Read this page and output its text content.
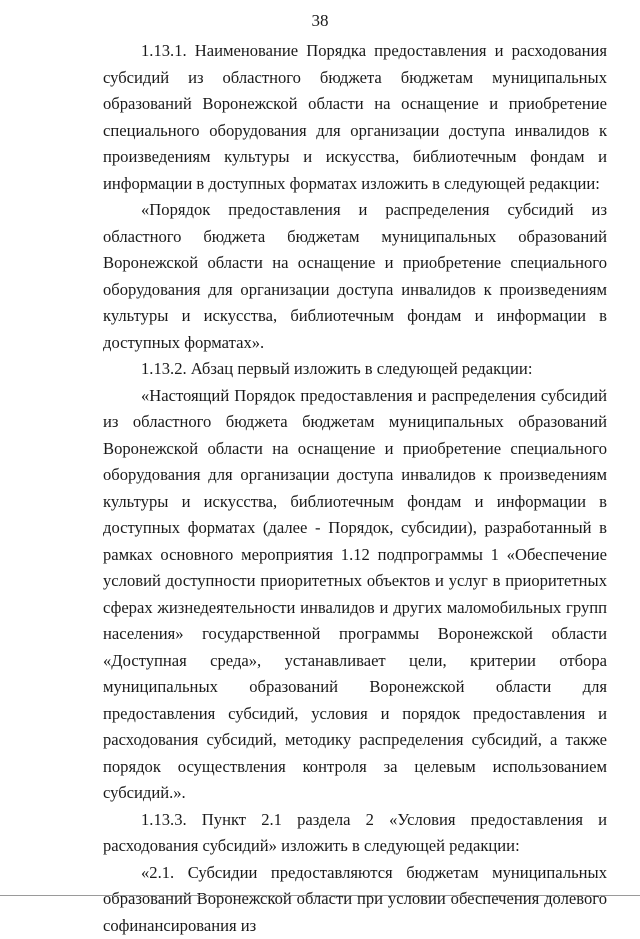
38

1.13.1. Наименование Порядка предоставления и расходования субсидий из областного бюджета бюджетам муниципальных образований Воронежской области на оснащение и приобретение специального оборудования для организации доступа инвалидов к произведениям культуры и искусства, библиотечным фондам и информации в доступных форматах изложить в следующей редакции:

«Порядок предоставления и распределения субсидий из областного бюджета бюджетам муниципальных образований Воронежской области на оснащение и приобретение специального оборудования для организации доступа инвалидов к произведениям культуры и искусства, библиотечным фондам и информации в доступных форматах».

1.13.2. Абзац первый изложить в следующей редакции:

«Настоящий Порядок предоставления и распределения субсидий из областного бюджета бюджетам муниципальных образований Воронежской области на оснащение и приобретение специального оборудования для организации доступа инвалидов к произведениям культуры и искусства, библиотечным фондам и информации в доступных форматах (далее - Порядок, субсидии), разработанный в рамках основного мероприятия 1.12 подпрограммы 1 «Обеспечение условий доступности приоритетных объектов и услуг в приоритетных сферах жизнедеятельности инвалидов и других маломобильных групп населения» государственной программы Воронежской области «Доступная среда», устанавливает цели, критерии отбора муниципальных образований Воронежской области для предоставления субсидий, условия и порядок предоставления и расходования субсидий, методику распределения субсидий, а также порядок осуществления контроля за целевым использованием субсидий.».

1.13.3. Пункт 2.1 раздела 2 «Условия предоставления и расходования субсидий» изложить в следующей редакции:

«2.1. Субсидии предоставляются бюджетам муниципальных образований Воронежской области при условии обеспечения долевого софинансирования из
